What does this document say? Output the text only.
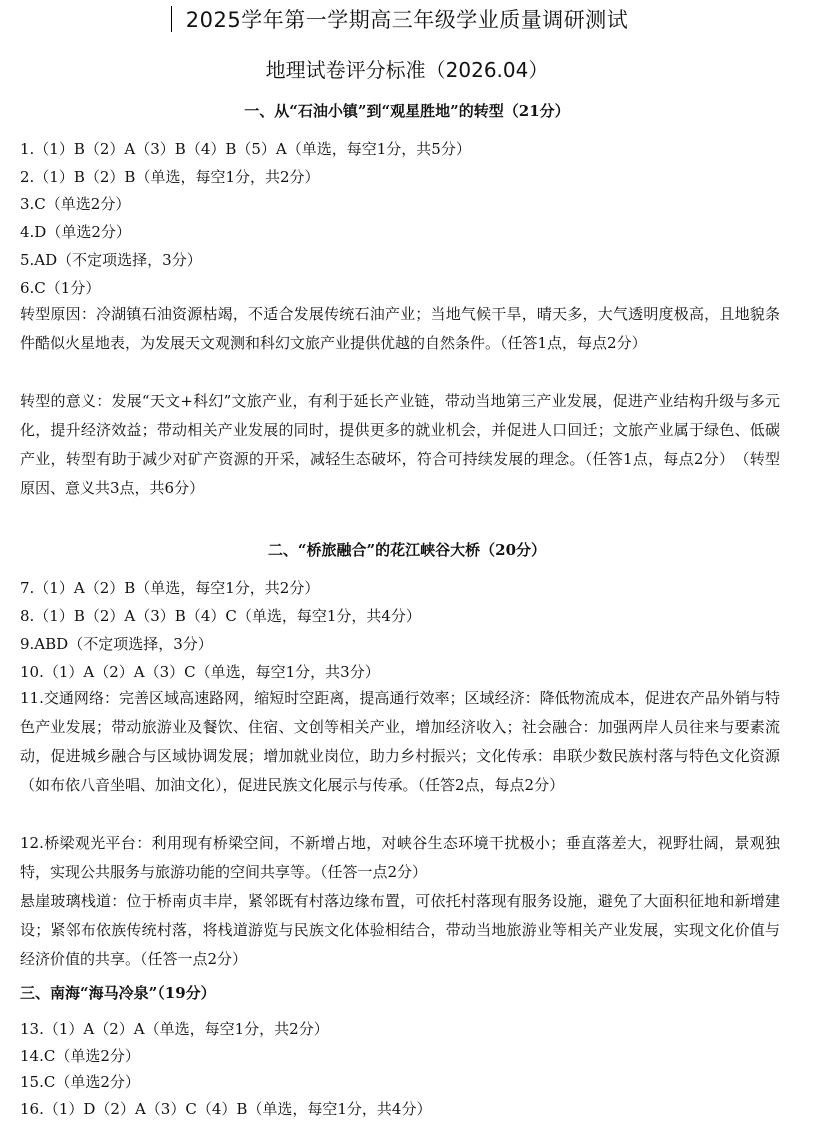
2025学年第一学期高三年级学业质量调研测试
地理试卷评分标准（2026.04）
一、从“石油小镇”到“观星胜地”的转型（21分）
1.（1）B（2）A（3）B（4）B（5）A（单选，每空1分，共5分）
2.（1）B（2）B（单选，每空1分，共2分）
3.C（单选2分）
4.D（单选2分）
5.AD（不定项选择，3分）
6.C（1分）
转型原因：冷湖镇石油资源枯竭，不适合发展传统石油产业；当地气候干旱，晴天多，大气透明度极高，且地貌条件酷似火星地表，为发展天文观测和科幻文旅产业提供优越的自然条件。（任答1点，每点2分）
转型的意义：发展“天文+科幻”文旅产业，有利于延长产业链，带动当地第三产业发展，促进产业结构升级与多元化，提升经济效益；带动相关产业发展的同时，提供更多的就业机会，并促进人口回迁；文旅产业属于绿色、低碳产业，转型有助于减少对矿产资源的开采，减轻生态破坏，符合可持续发展的理念。（任答1点，每点2分）　（转型原因、意义共3点，共6分）
二、“桥旅融合”的花江峡谷大桥（20分）
7.（1）A（2）B（单选，每空1分，共2分）
8.（1）B（2）A（3）B（4）C（单选，每空1分，共4分）
9.ABD（不定项选择，3分）
10.（1）A（2）A（3）C（单选，每空1分，共3分）
11.交通网络：完善区域高速路网，缩短时空距离，提高通行效率；区域经济：降低物流成本，促进农产品外销与特色产业发展；带动旅游业及餐饮、住宿、文创等相关产业，增加经济收入；社会融合：加强两岸人员往来与要素流动，促进城乡融合与区域协调发展；增加就业岗位，助力乡村振兴；文化传承：串联少数民族村落与特色文化资源（如布依八音坐唱、加油文化），促进民族文化展示与传承。（任答2点，每点2分）
12.桥梁观光平台：利用现有桥梁空间，不新增占地，对峡谷生态环境干扰极小；垂直落差大，视野壮阔，景观独特，实现公共服务与旅游功能的空间共享等。（任答一点2分）
悬崖玻璃栈道：位于桥南贞丰岸，紧邻既有村落边缘布置，可依托村落现有服务设施，避免了大面积征地和新增建设；紧邻布依族传统村落，将栈道游览与民族文化体验相结合，带动当地旅游业等相关产业发展，实现文化价值与经济价值的共享。（任答一点2分）
三、南海“海马冷泉”（19分）
13.（1）A（2）A（单选，每空1分，共2分）
14.C（单选2分）
15.C（单选2分）
16.（1）D（2）A（3）C（4）B（单选，每空1分，共4分）
